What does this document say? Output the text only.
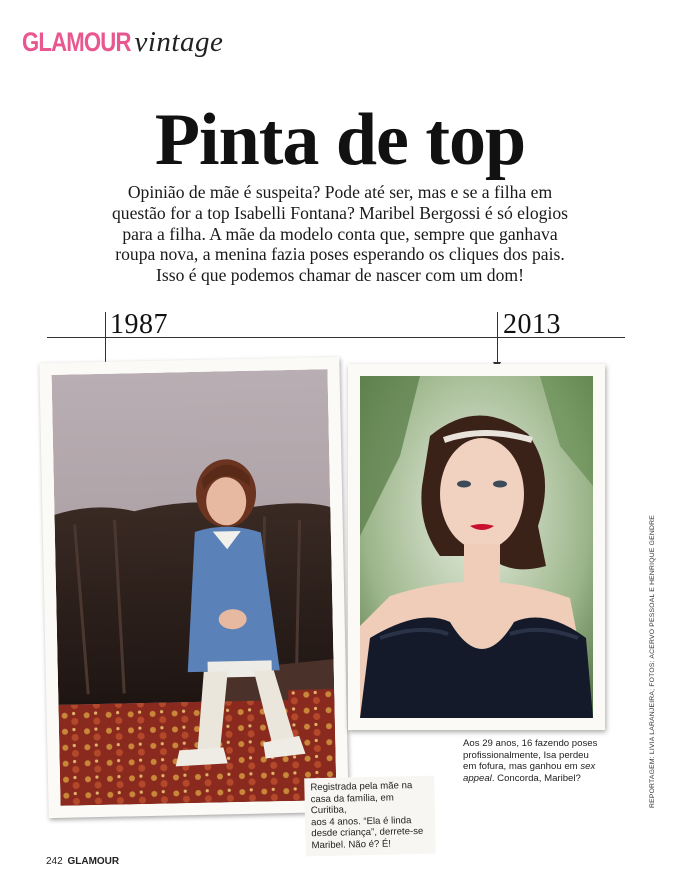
GLAMOUR vintage
Pinta de top
Opinião de mãe é suspeita? Pode até ser, mas e se a filha em
questão for a top Isabelli Fontana? Maribel Bergossi é só elogios
para a filha. A mãe da modelo conta que, sempre que ganhava
roupa nova, a menina fazia poses esperando os cliques dos pais.
Isso é que podemos chamar de nascer com um dom!
1987	2013
Registrada pela mãe na
casa da família, em Curitiba,
aos 4 anos. “Ela é linda
desde criança”, derrete-se
Maribel. Não é? É!
Aos 29 anos, 16 fazendo poses
profissionalmente, Isa perdeu
em fofura, mas ganhou em sex
appeal. Concorda, Maribel?	REPORTAGEM: LIVIA LARANJEIRA; FOTOS: ACERVO PESSOAL E HENRIQUE GENDRE
242 GLAMOUR
